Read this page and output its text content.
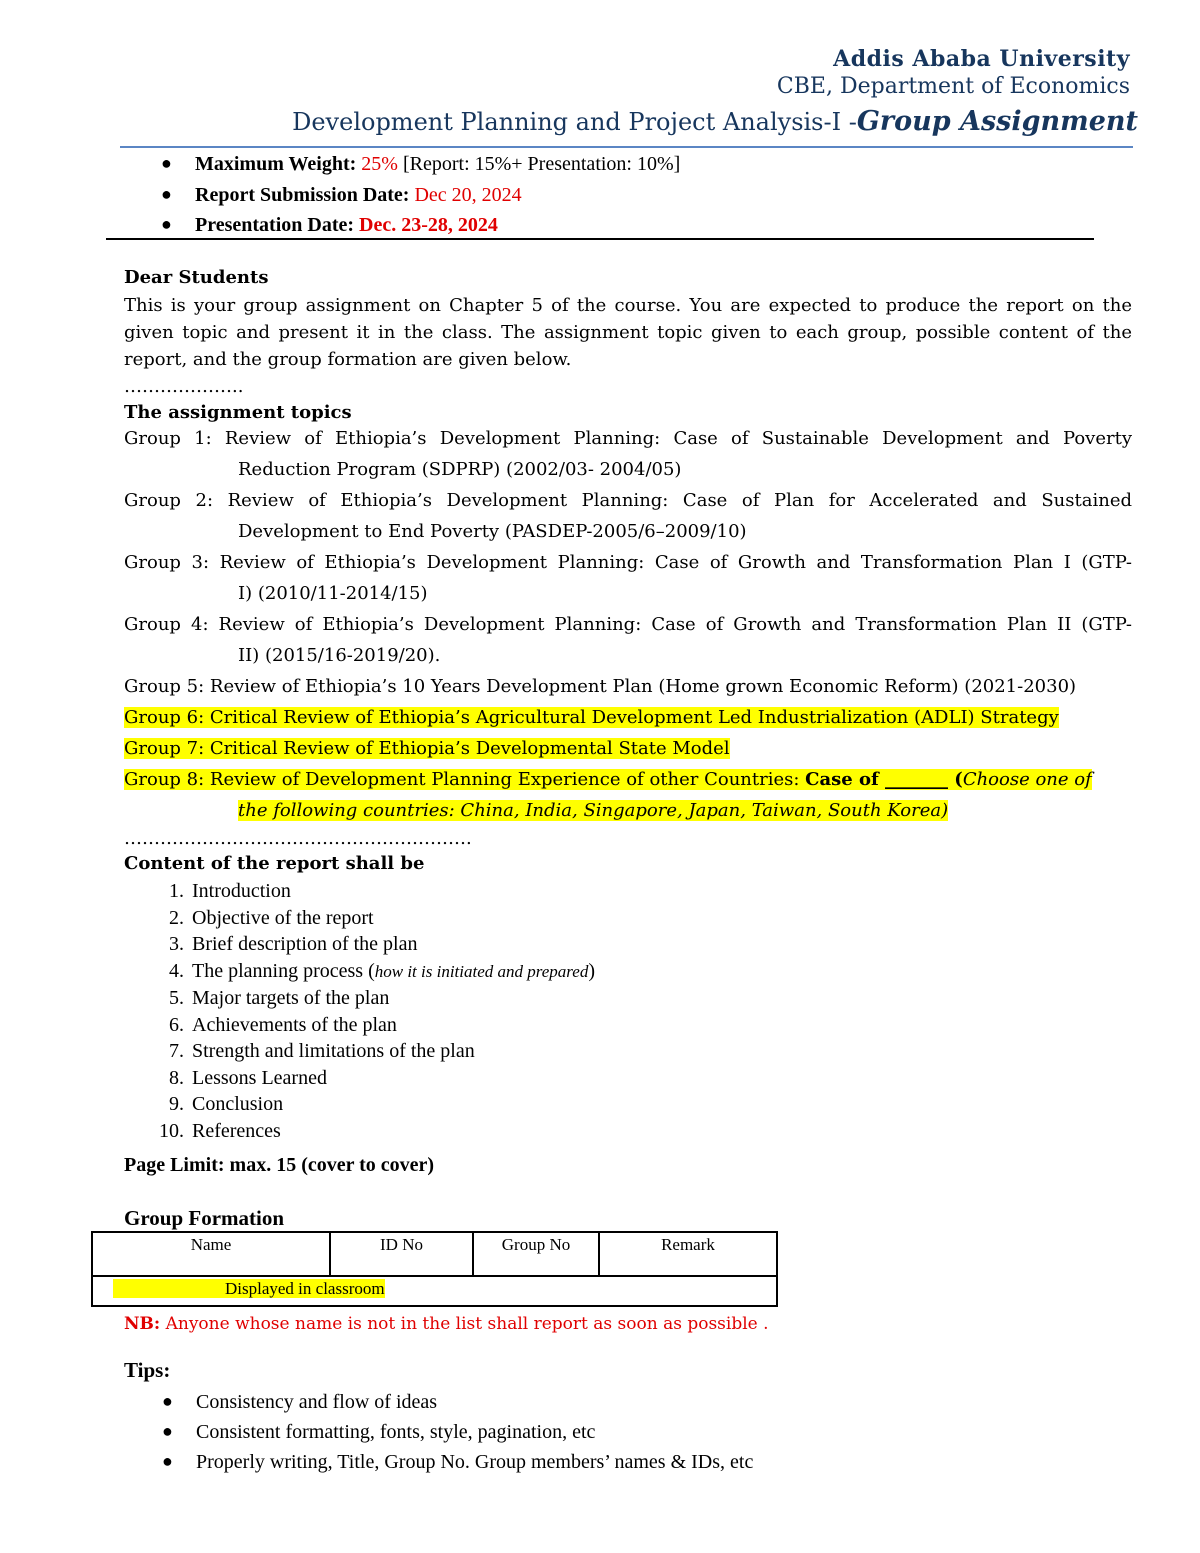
Addis Ababa University
CBE, Department of Economics
Development Planning and Project Analysis-I -Group Assignment
● Maximum Weight: 25% [Report: 15%+ Presentation: 10%]
● Report Submission Date: Dec 20, 2024
● Presentation Date: Dec. 23-28, 2024
Dear Students
This is your group assignment on Chapter 5 of the course. You are expected to produce the report on the given topic and present it in the class. The assignment topic given to each group, possible content of the report, and the group formation are given below.
………………..
The assignment topics
Group 1: Review of Ethiopia’s Development Planning: Case of Sustainable Development and Poverty
Reduction Program (SDPRP) (2002/03- 2004/05)
Group 2: Review of Ethiopia’s Development Planning: Case of Plan for Accelerated and Sustained
Development to End Poverty (PASDEP-2005/6–2009/10)
Group 3: Review of Ethiopia’s Development Planning: Case of Growth and Transformation Plan I (GTP-
I) (2010/11-2014/15)
Group 4: Review of Ethiopia’s Development Planning: Case of Growth and Transformation Plan II (GTP-
II) (2015/16-2019/20).
Group 5: Review of Ethiopia’s 10 Years Development Plan (Home grown Economic Reform) (2021-2030)
Group 6: Critical Review of Ethiopia’s Agricultural Development Led Industrialization (ADLI) Strategy
Group 7: Critical Review of Ethiopia’s Developmental State Model
Group 8: Review of Development Planning Experience of other Countries: Case of _______ (Choose one of
the following countries: China, India, Singapore, Japan, Taiwan, South Korea)
………………………………………………….
Content of the report shall be
1. Introduction
2. Objective of the report
3. Brief description of the plan
4. The planning process (how it is initiated and prepared)
5. Major targets of the plan
6. Achievements of the plan
7. Strength and limitations of the plan
8. Lessons Learned
9. Conclusion
10. References
Page Limit: max. 15 (cover to cover)
Group Formation
Name	ID No	Group No	Remark
Displayed in classroom
NB: Anyone whose name is not in the list shall report as soon as possible .
Tips:
● Consistency and flow of ideas
● Consistent formatting, fonts, style, pagination, etc
● Properly writing, Title, Group No. Group members’ names & IDs, etc
